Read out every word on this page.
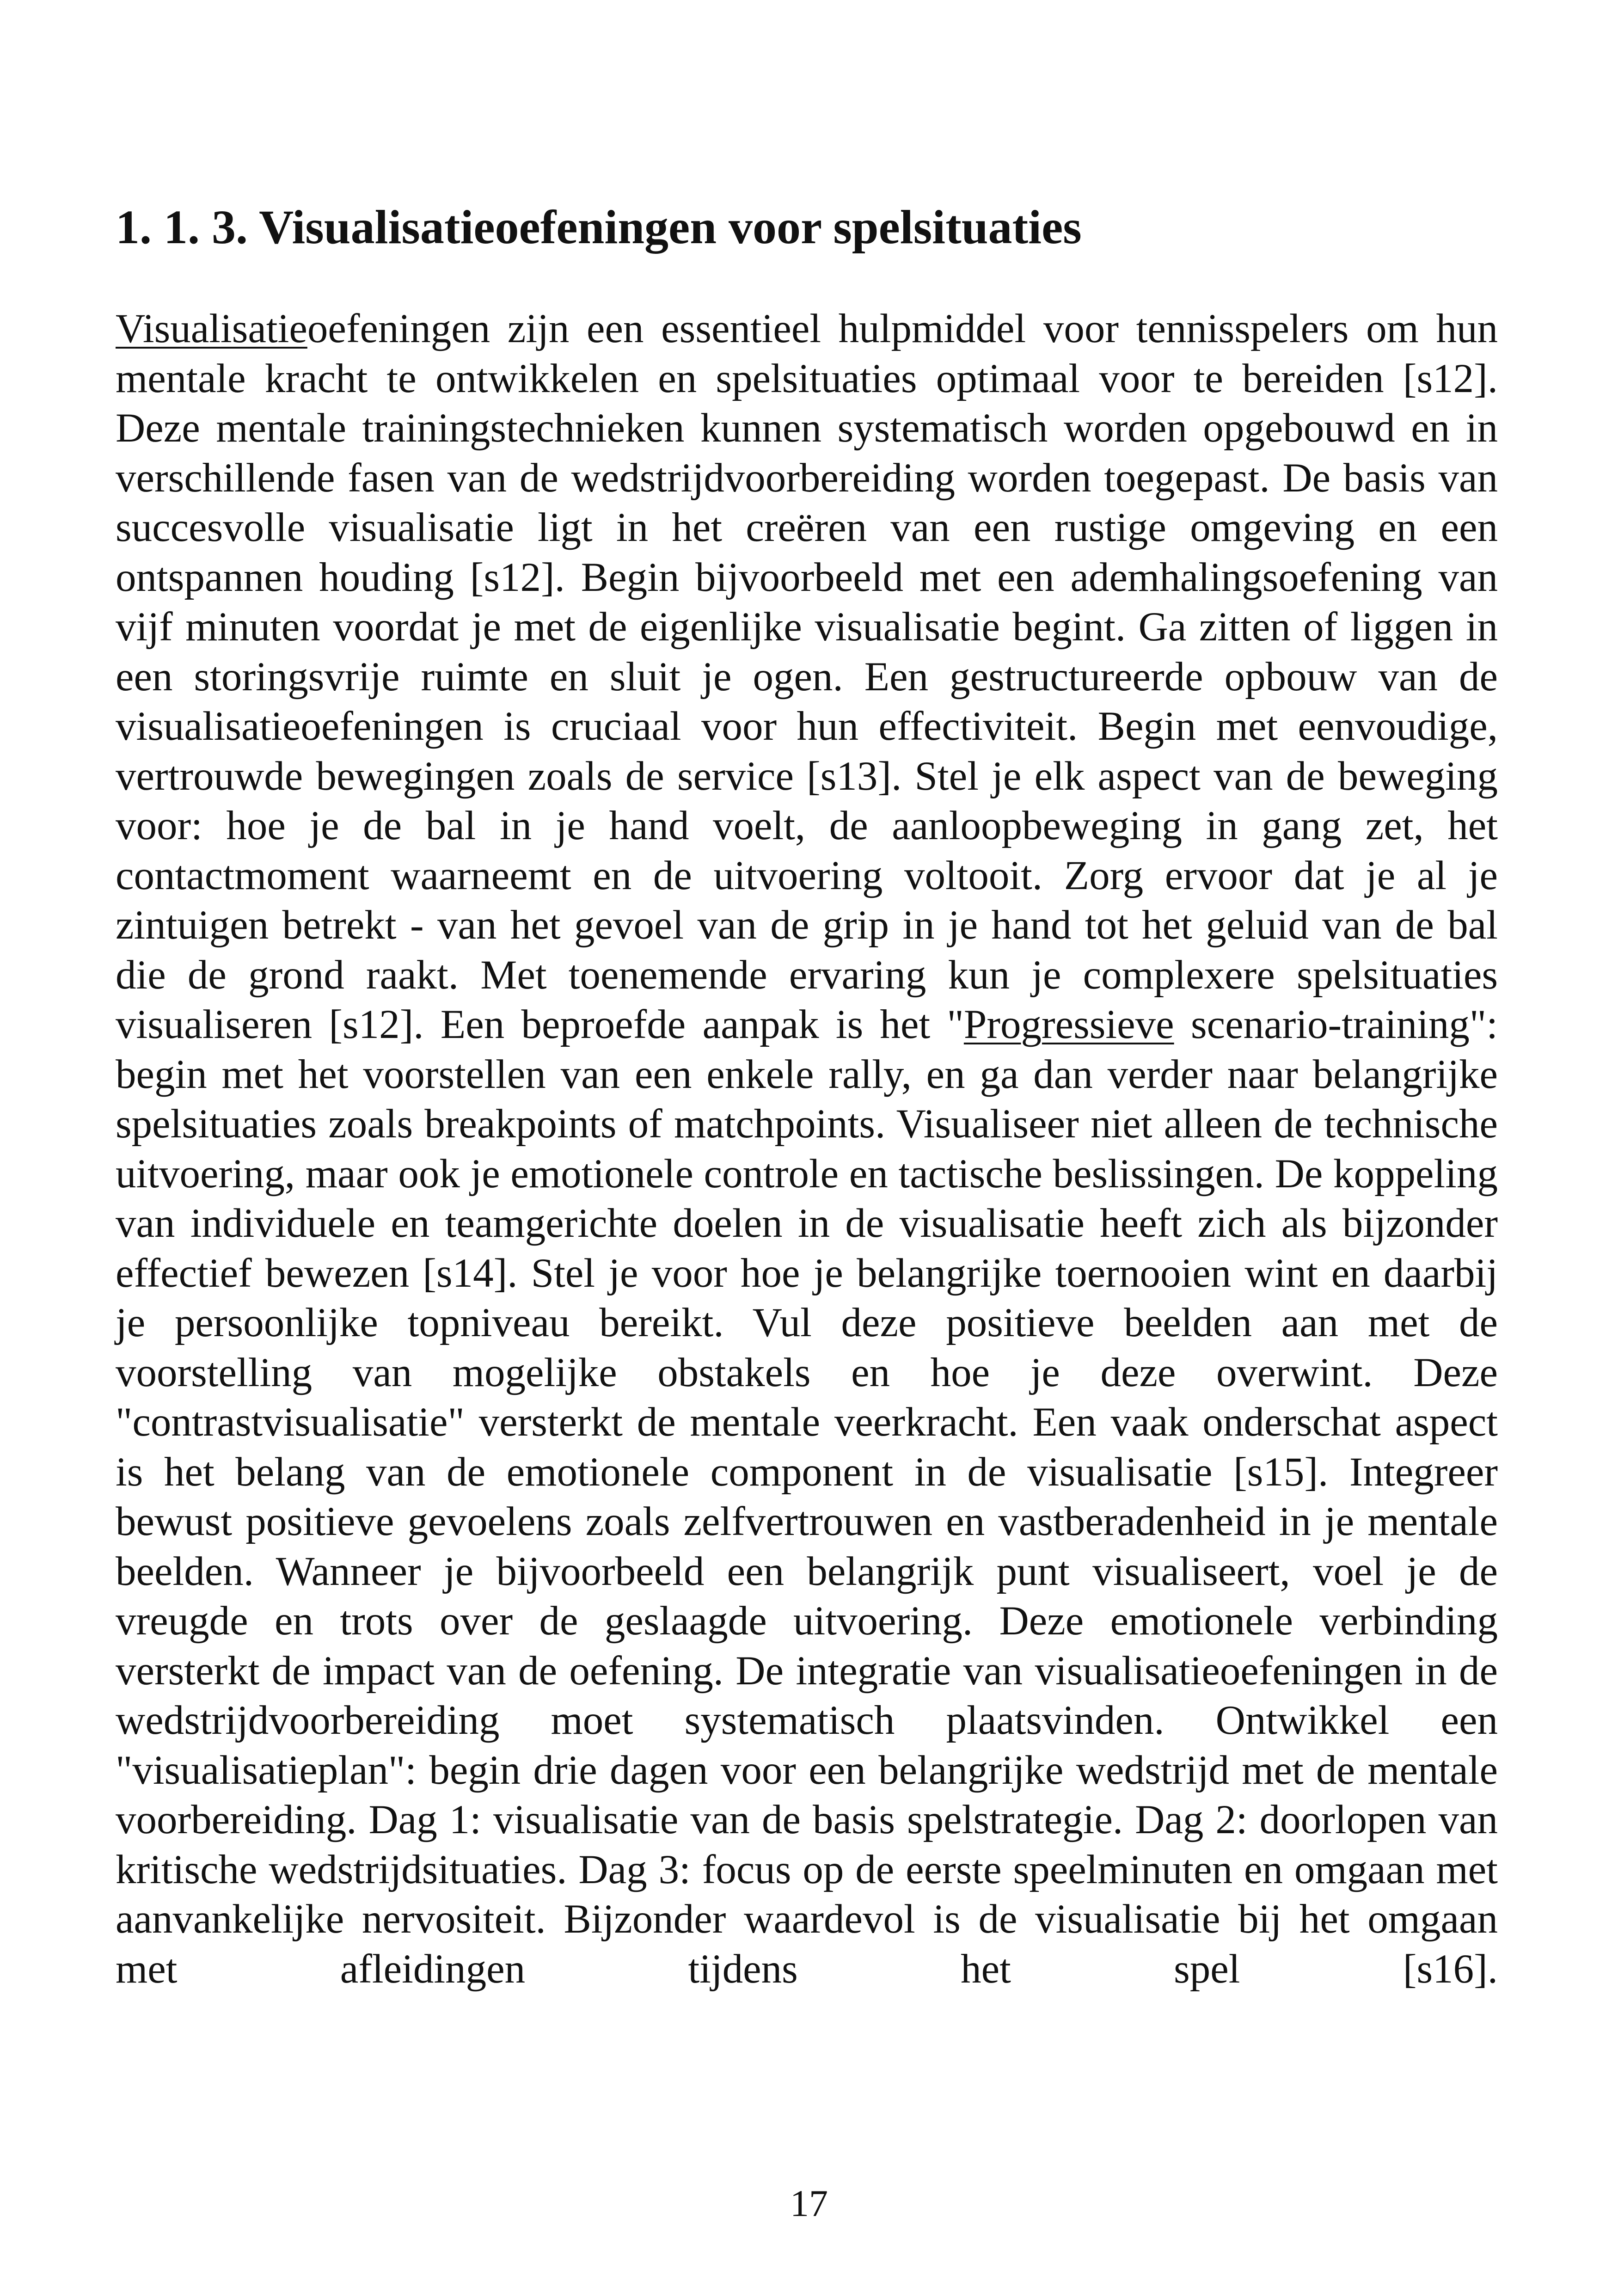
1. 1. 3. Visualisatieoefeningen voor spelsituaties

Visualisatieoefeningen zijn een essentieel hulpmiddel voor tennisspelers om hun mentale kracht te ontwikkelen en spelsituaties optimaal voor te bereiden [s12]. Deze mentale trainingstechnieken kunnen systematisch worden opgebouwd en in verschillende fasen van de wedstrijdvoorbereiding worden toegepast. De basis van succesvolle visualisatie ligt in het creëren van een rustige omgeving en een ontspannen houding [s12]. Begin bijvoorbeeld met een ademhalingsoefening van vijf minuten voordat je met de eigenlijke visualisatie begint. Ga zitten of liggen in een storingsvrije ruimte en sluit je ogen. Een gestructureerde opbouw van de visualisatieoefeningen is cruciaal voor hun effectiviteit. Begin met eenvoudige, vertrouwde bewegingen zoals de service [s13]. Stel je elk aspect van de beweging voor: hoe je de bal in je hand voelt, de aanloopbeweging in gang zet, het contactmoment waarneemt en de uitvoering voltooit. Zorg ervoor dat je al je zintuigen betrekt - van het gevoel van de grip in je hand tot het geluid van de bal die de grond raakt. Met toenemende ervaring kun je complexere spelsituaties visualiseren [s12]. Een beproefde aanpak is het "Progressieve scenario-training": begin met het voorstellen van een enkele rally, en ga dan verder naar belangrijke spelsituaties zoals breakpoints of matchpoints. Visualiseer niet alleen de technische uitvoering, maar ook je emotionele controle en tactische beslissingen. De koppeling van individuele en teamgerichte doelen in de visualisatie heeft zich als bijzonder effectief bewezen [s14]. Stel je voor hoe je belangrijke toernooien wint en daarbij je persoonlijke topniveau bereikt. Vul deze positieve beelden aan met de voorstelling van mogelijke obstakels en hoe je deze overwint. Deze "contrastvisualisatie" versterkt de mentale veerkracht. Een vaak onderschat aspect is het belang van de emotionele component in de visualisatie [s15]. Integreer bewust positieve gevoelens zoals zelfvertrouwen en vastberadenheid in je mentale beelden. Wanneer je bijvoorbeeld een belangrijk punt visualiseert, voel je de vreugde en trots over de geslaagde uitvoering. Deze emotionele verbinding versterkt de impact van de oefening. De integratie van visualisatieoefeningen in de wedstrijdvoorbereiding moet systematisch plaatsvinden. Ontwikkel een "visualisatieplan": begin drie dagen voor een belangrijke wedstrijd met de mentale voorbereiding. Dag 1: visualisatie van de basis spelstrategie. Dag 2: doorlopen van kritische wedstrijdsituaties. Dag 3: focus op de eerste speelminuten en omgaan met aanvankelijke nervositeit. Bijzonder waardevol is de visualisatie bij het omgaan met afleidingen tijdens het spel [s16].

17
